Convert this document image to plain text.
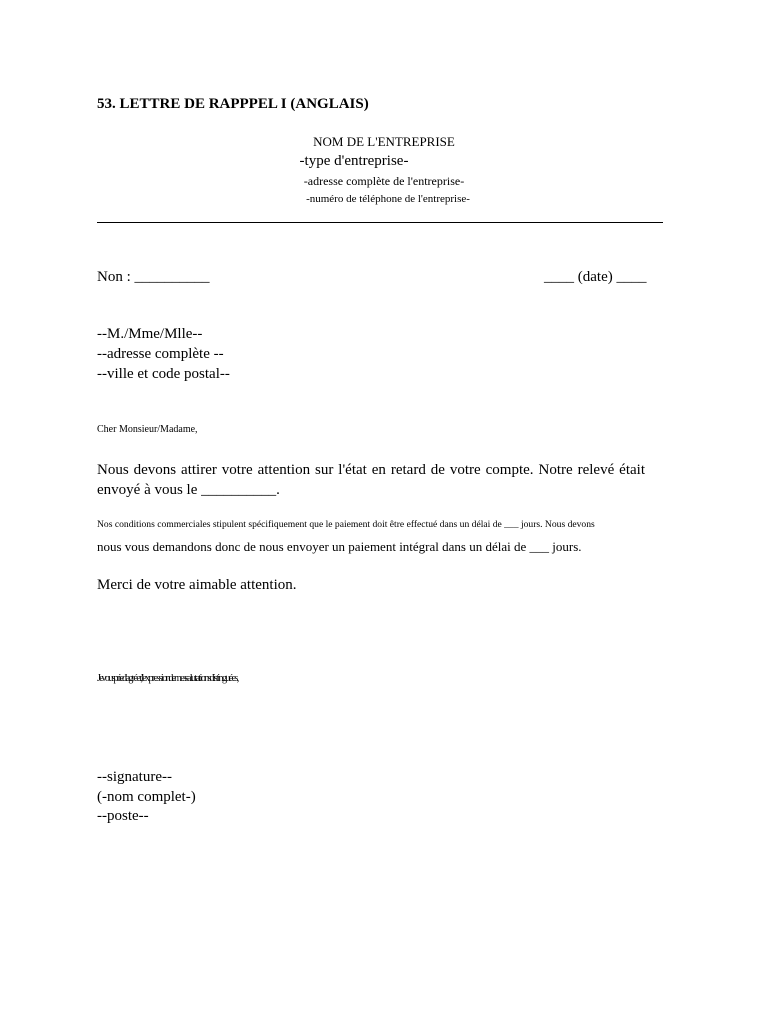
53. LETTRE DE RAPPPEL I (ANGLAIS)
NOM DE L'ENTREPRISE
-type d'entreprise-
-adresse complète de l'entreprise-
-numéro de téléphone de l'entreprise-
Non : __________	____ (date) ____
--M./Mme/Mlle--
--adresse complète --
--ville et code postal--
Cher Monsieur/Madame,
Nous devons attirer votre attention sur l'état en retard de votre compte. Notre relevé était envoyé à vous le __________.
Nos conditions commerciales stipulent spécifiquement que le paiement doit être effectué dans un délai de ___ jours. Nous devons
nous vous demandons donc de nous envoyer un paiement intégral dans un délai de ___ jours.
Merci de votre aimable attention.
Je vous prie d'agréer, l'expression de mes salutations distinguées,
--signature--
(-nom complet-)
--poste--
